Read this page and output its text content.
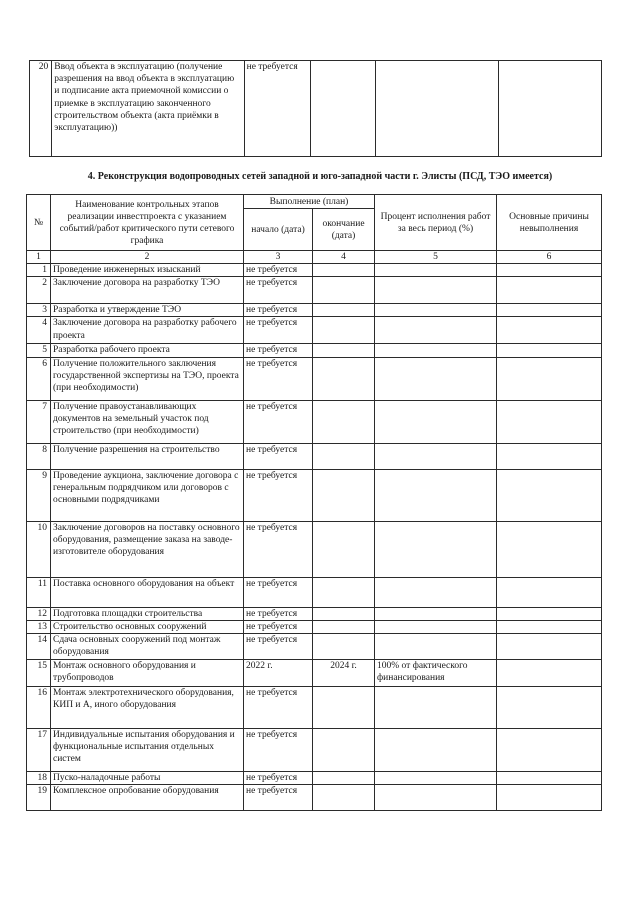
20	Ввод объекта в эксплуатацию (получение разрешения на ввод объекта в эксплуатацию и подписание акта приемочной комиссии о приемке в эксплуатацию законченного строительством объекта (акта приёмки в эксплуатацию))	не требуется			
4. Реконструкция водопроводных сетей западной и юго-западной части г. Элисты (ПСД, ТЭО имеется)
№	Наименование контрольных этапов реализации инвестпроекта с указанием событий/работ критического пути сетевого графика	Выполнение (план)		Процент исполнения работ за весь период (%)	Основные причины невыполнения
		начало (дата)	окончание (дата)		
1	2	3	4	5	6
1	Проведение инженерных изысканий	не требуется			
2	Заключение договора на разработку ТЭО	не требуется			
3	Разработка и утверждение ТЭО	не требуется			
4	Заключение договора на разработку рабочего проекта	не требуется			
5	Разработка рабочего проекта	не требуется			
6	Получение положительного заключения государственной экспертизы на ТЭО, проекта (при необходимости)	не требуется			
7	Получение правоустанавливающих документов на земельный участок под строительство (при необходимости)	не требуется			
8	Получение разрешения на строительство	не требуется			
9	Проведение аукциона, заключение договора с генеральным подрядчиком или договоров с основными подрядчиками	не требуется			
10	Заключение договоров на поставку основного оборудования, размещение заказа на заводе-изготовителе оборудования	не требуется			
11	Поставка основного оборудования на объект	не требуется			
12	Подготовка площадки строительства	не требуется			
13	Строительство основных сооружений	не требуется			
14	Сдача основных сооружений под монтаж оборудования	не требуется			
15	Монтаж основного оборудования и трубопроводов	2022 г.	2024 г.	100% от фактического финансирования	
16	Монтаж электротехнического оборудования, КИП и А, иного оборудования	не требуется			
17	Индивидуальные испытания оборудования и функциональные испытания отдельных систем	не требуется			
18	Пуско-наладочные работы	не требуется			
19	Комплексное опробование оборудования	не требуется			
